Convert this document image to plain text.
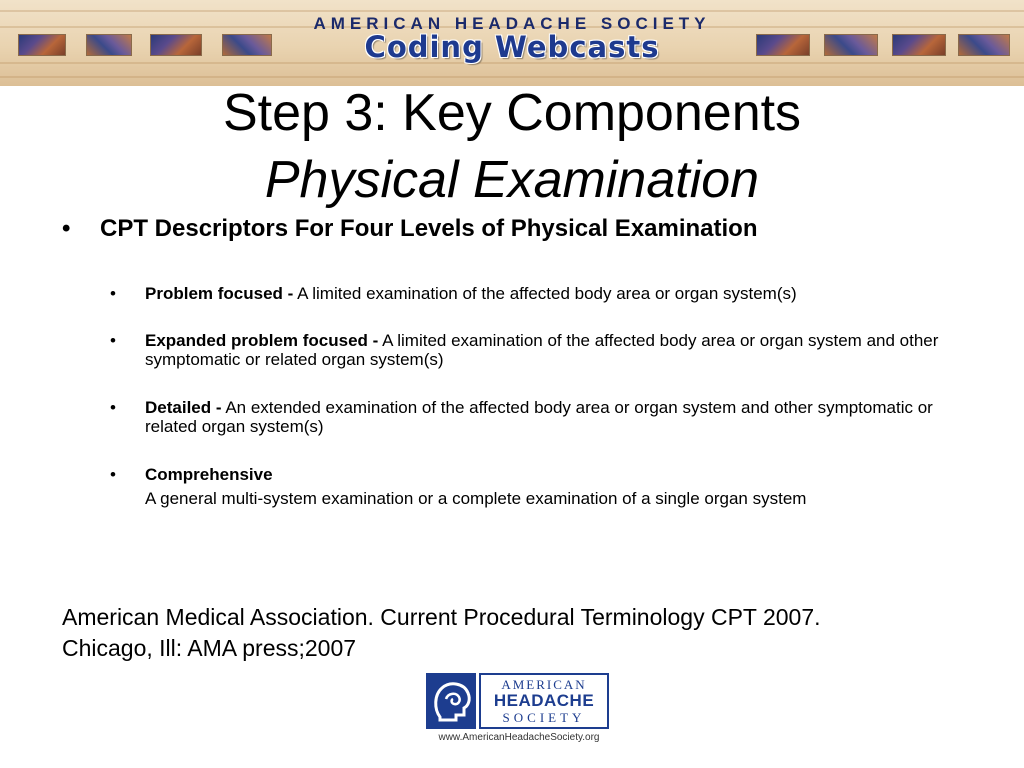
AMERICAN HEADACHE SOCIETY
Coding Webcasts
Step 3: Key Components
Physical Examination
• CPT Descriptors For Four Levels of Physical Examination
• Problem focused - A limited examination of the affected body area or organ system(s)
• Expanded problem focused - A limited examination of the affected body area or organ system and other symptomatic or related organ system(s)
• Detailed - An extended examination of the affected body area or organ system and other symptomatic or related organ system(s)
• Comprehensive
A general multi-system examination or a complete examination of a single organ system
American Medical Association. Current Procedural Terminology CPT 2007.
Chicago, Ill: AMA press;2007
AMERICAN
HEADACHE
SOCIETY
www.AmericanHeadacheSociety.org
